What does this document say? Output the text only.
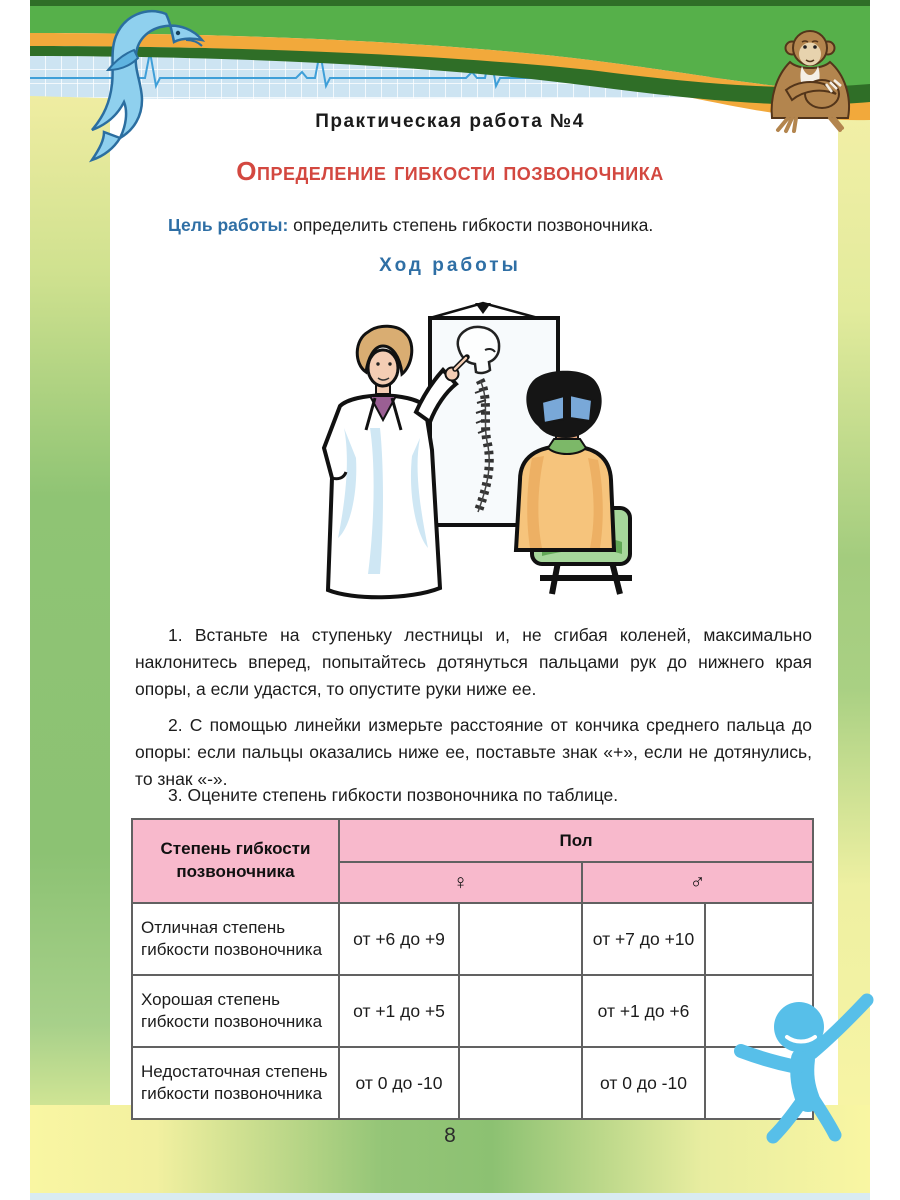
Практическая работа №4
Определение гибкости позвоночника
Цель работы: определить степень гибкости позвоночника.
Ход работы

1. Встаньте на ступеньку лестницы и, не сгибая коленей, максимально наклонитесь вперед, попытайтесь дотянуться пальцами рук до нижнего края опоры, а если удастся, то опустите руки ниже ее.

2. С помощью линейки измерьте расстояние от кончика среднего пальца до опоры: если пальцы оказались ниже ее, поставьте знак «+», если не дотянулись, то знак «-».

3. Оцените степень гибкости позвоночника по таблице.

Степень гибкости позвоночника	Пол			
	♀		♂	
Отличная степень гибкости позвоночника	от +6 до +9		от +7 до +10	
Хорошая степень гибкости позвоночника	от +1 до +5		от +1 до +6	
Недостаточная степень гибкости позвоночника	от 0 до -10		от 0 до -10	
8
